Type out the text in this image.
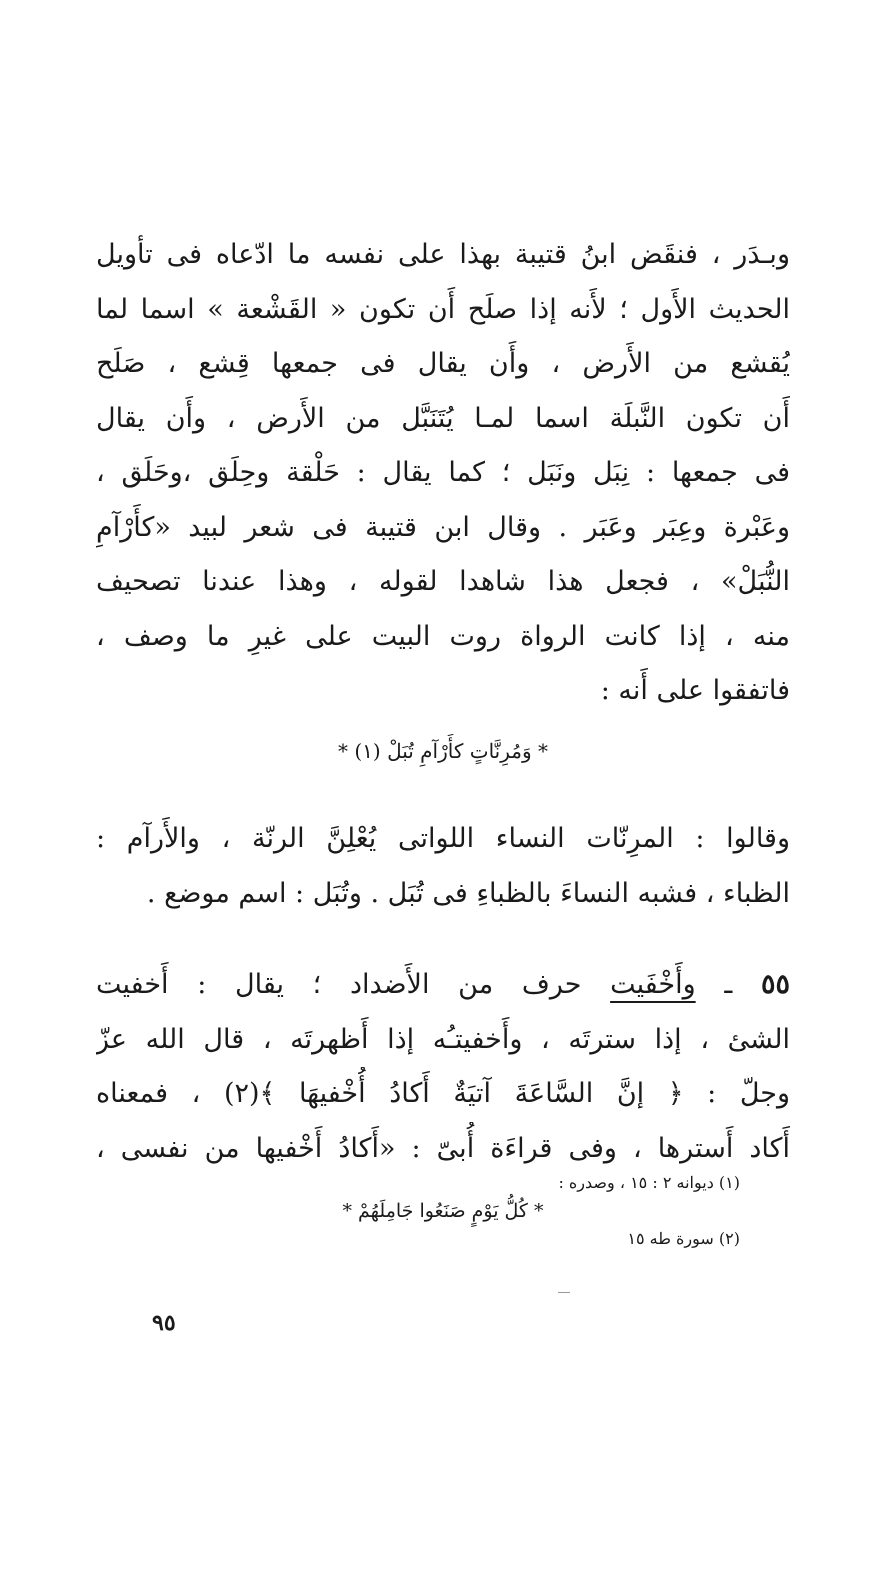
وبـدَر ، فنقَض ابنُ قتيبة بهذا على نفسه ما ادّعاه فى تأويل
الحديث الأَول ؛ لأَنه إذا صلَح أَن تكون « القَشْعة » اسما لما
يُقشع من الأَرض ، وأَن يقال فى جمعها قِشع ، صَلَح
أَن تكون النَّبلَة اسما لمـا يُتَنَبَّل من الأَرض ، وأَن يقال
فى جمعها : نِبَل ونَبَل ؛ كما يقال : حَلْقة وحِلَق ،وحَلَق ،
وعَبْرة وعِبَر وعَبَر . وقال ابن قتيبة فى شعر لبيد «كأَرْآمِ
النُّبَلْ» ، فجعل هذا شاهدا لقوله ، وهذا عندنا تصحيف
منه ، إذا كانت الرواة روت البيت على غيرِ ما وصف ،
فاتفقوا على أَنه :
* وَمُرِنَّاتٍ كأَرْآمِ تُبَلْ (١) *
وقالوا : المرِنّات النساء اللواتى يُعْلِنَّ الرنّة ، والأَرآم :
الظباء ، فشبه النساءَ بالظباءِ فى تُبَل . وتُبَل : اسم موضع .
٥٥ ـ وأَخْفَيت حرف من الأَضداد ؛ يقال : أَخفيت
الشئ ، إذا سترتَه ، وأَخفيتـُه إذا أَظهرتَه ، قال الله عزّ
وجلّ : ﴿ إنَّ السَّاعَةَ آتيَةٌ أَكادُ أُخْفيهَا ﴾(٢) ، فمعناه
أَكاد أَسترها ، وفى قراءَة أُبىّ : «أَكادُ أَخْفيها من نفسى ،
(١) ديوانه ٢ : ١٥ ، وصدره :
* كُلُّ يَوْمٍ صَنَعُوا جَامِلَهُمْ *
(٢) سورة طه ١٥
٩٥
